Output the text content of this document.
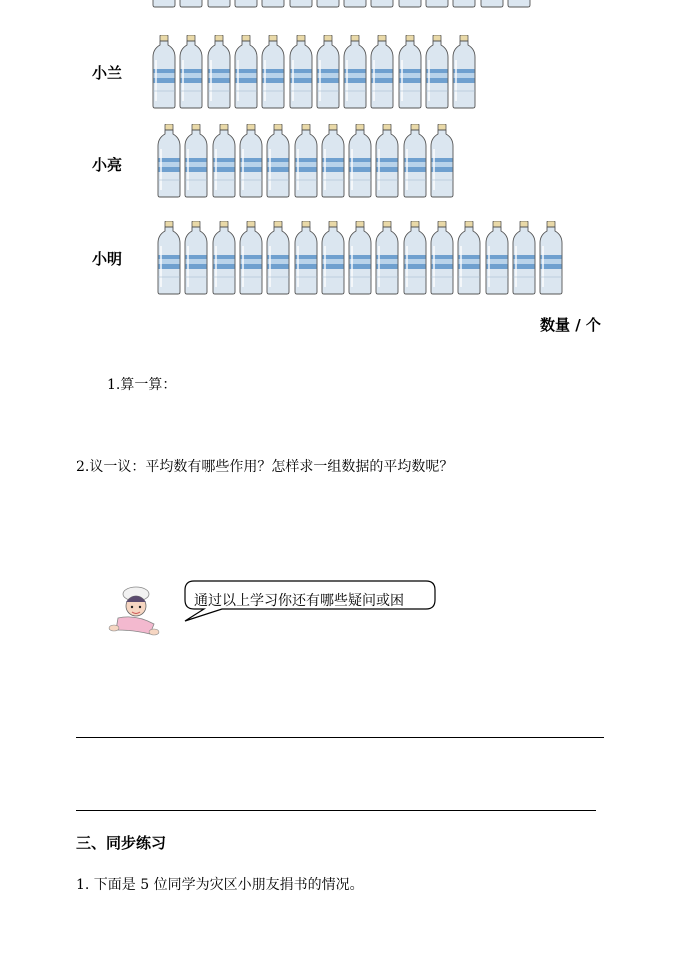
小兰
小亮
小明
数量 / 个
1.算一算：
2.议一议：平均数有哪些作用？怎样求一组数据的平均数呢？
通过以上学习你还有哪些疑问或困
三、同步练习
1. 下面是 5 位同学为灾区小朋友捐书的情况。
